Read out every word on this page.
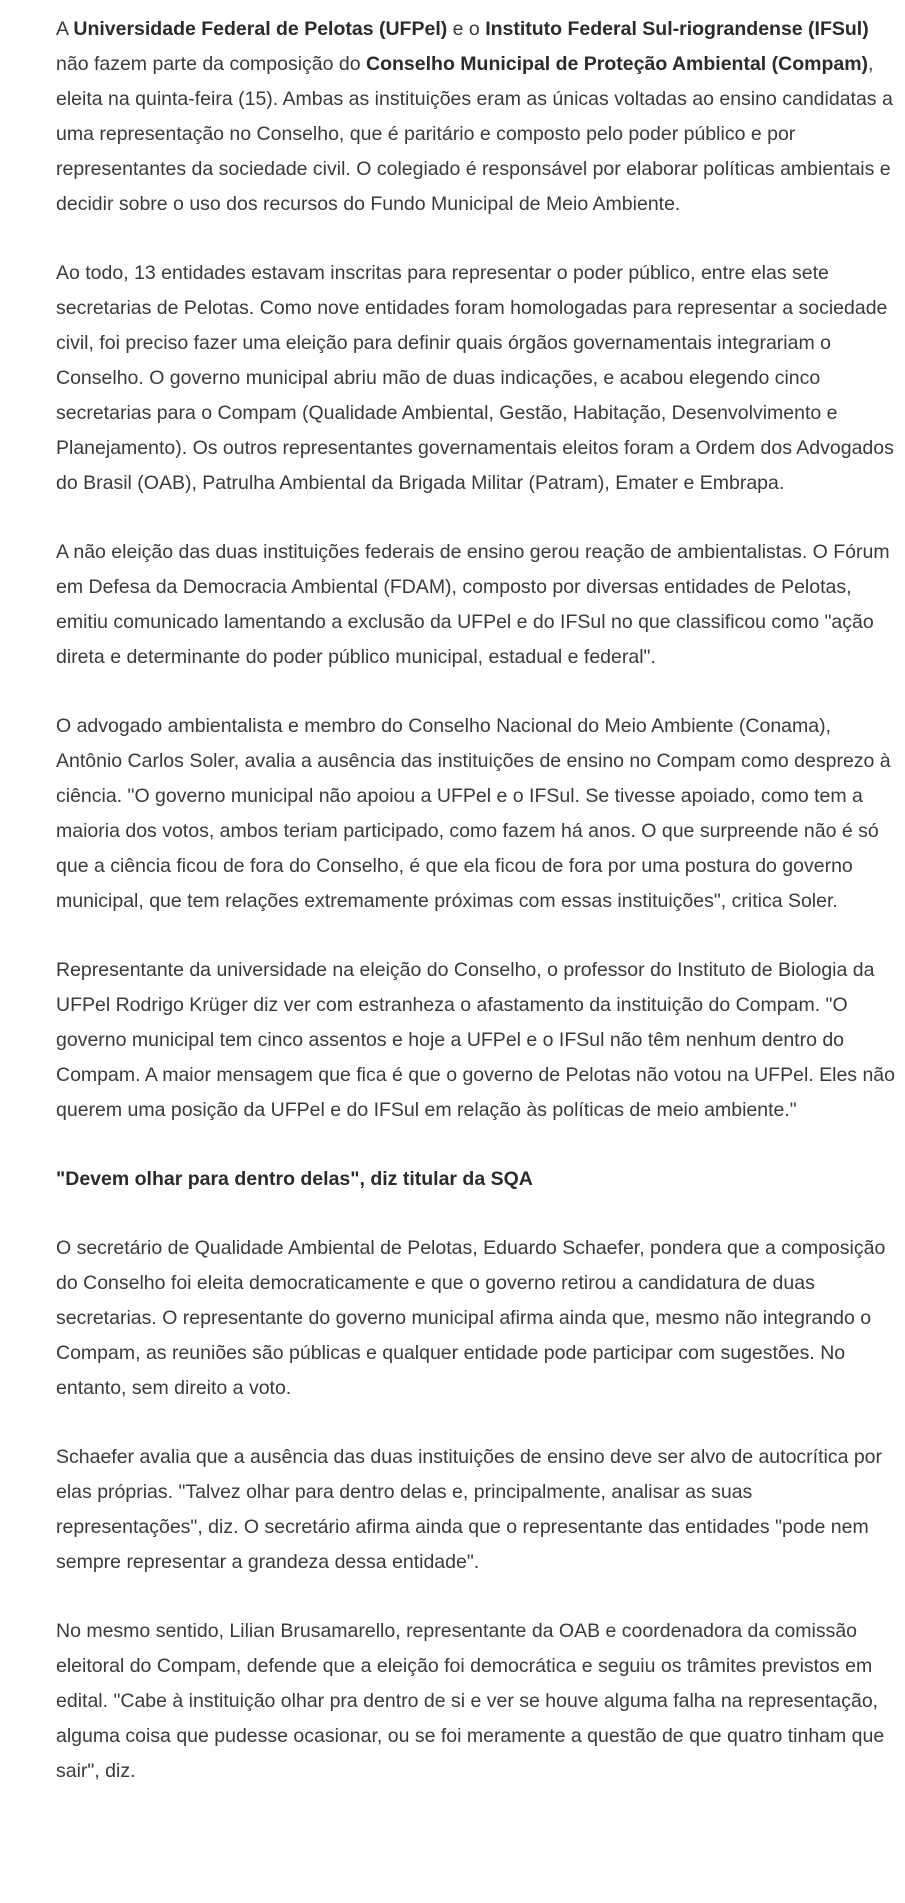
A Universidade Federal de Pelotas (UFPel) e o Instituto Federal Sul-riograndense (IFSul) não fazem parte da composição do Conselho Municipal de Proteção Ambiental (Compam), eleita na quinta-feira (15). Ambas as instituições eram as únicas voltadas ao ensino candidatas a uma representação no Conselho, que é paritário e composto pelo poder público e por representantes da sociedade civil. O colegiado é responsável por elaborar políticas ambientais e decidir sobre o uso dos recursos do Fundo Municipal de Meio Ambiente.

Ao todo, 13 entidades estavam inscritas para representar o poder público, entre elas sete secretarias de Pelotas. Como nove entidades foram homologadas para representar a sociedade civil, foi preciso fazer uma eleição para definir quais órgãos governamentais integrariam o Conselho. O governo municipal abriu mão de duas indicações, e acabou elegendo cinco secretarias para o Compam (Qualidade Ambiental, Gestão, Habitação, Desenvolvimento e Planejamento). Os outros representantes governamentais eleitos foram a Ordem dos Advogados do Brasil (OAB), Patrulha Ambiental da Brigada Militar (Patram), Emater e Embrapa.

A não eleição das duas instituições federais de ensino gerou reação de ambientalistas. O Fórum em Defesa da Democracia Ambiental (FDAM), composto por diversas entidades de Pelotas, emitiu comunicado lamentando a exclusão da UFPel e do IFSul no que classificou como "ação direta e determinante do poder público municipal, estadual e federal".

O advogado ambientalista e membro do Conselho Nacional do Meio Ambiente (Conama), Antônio Carlos Soler, avalia a ausência das instituições de ensino no Compam como desprezo à ciência. "O governo municipal não apoiou a UFPel e o IFSul. Se tivesse apoiado, como tem a maioria dos votos, ambos teriam participado, como fazem há anos. O que surpreende não é só que a ciência ficou de fora do Conselho, é que ela ficou de fora por uma postura do governo municipal, que tem relações extremamente próximas com essas instituições", critica Soler.

Representante da universidade na eleição do Conselho, o professor do Instituto de Biologia da UFPel Rodrigo Krüger diz ver com estranheza o afastamento da instituição do Compam. "O governo municipal tem cinco assentos e hoje a UFPel e o IFSul não têm nenhum dentro do Compam. A maior mensagem que fica é que o governo de Pelotas não votou na UFPel. Eles não querem uma posição da UFPel e do IFSul em relação às políticas de meio ambiente."

"Devem olhar para dentro delas", diz titular da SQA

O secretário de Qualidade Ambiental de Pelotas, Eduardo Schaefer, pondera que a composição do Conselho foi eleita democraticamente e que o governo retirou a candidatura de duas secretarias. O representante do governo municipal afirma ainda que, mesmo não integrando o Compam, as reuniões são públicas e qualquer entidade pode participar com sugestões. No entanto, sem direito a voto.

Schaefer avalia que a ausência das duas instituições de ensino deve ser alvo de autocrítica por elas próprias. "Talvez olhar para dentro delas e, principalmente, analisar as suas representações", diz. O secretário afirma ainda que o representante das entidades "pode nem sempre representar a grandeza dessa entidade".

No mesmo sentido, Lilian Brusamarello, representante da OAB e coordenadora da comissão eleitoral do Compam, defende que a eleição foi democrática e seguiu os trâmites previstos em edital. "Cabe à instituição olhar pra dentro de si e ver se houve alguma falha na representação, alguma coisa que pudesse ocasionar, ou se foi meramente a questão de que quatro tinham que sair", diz.
